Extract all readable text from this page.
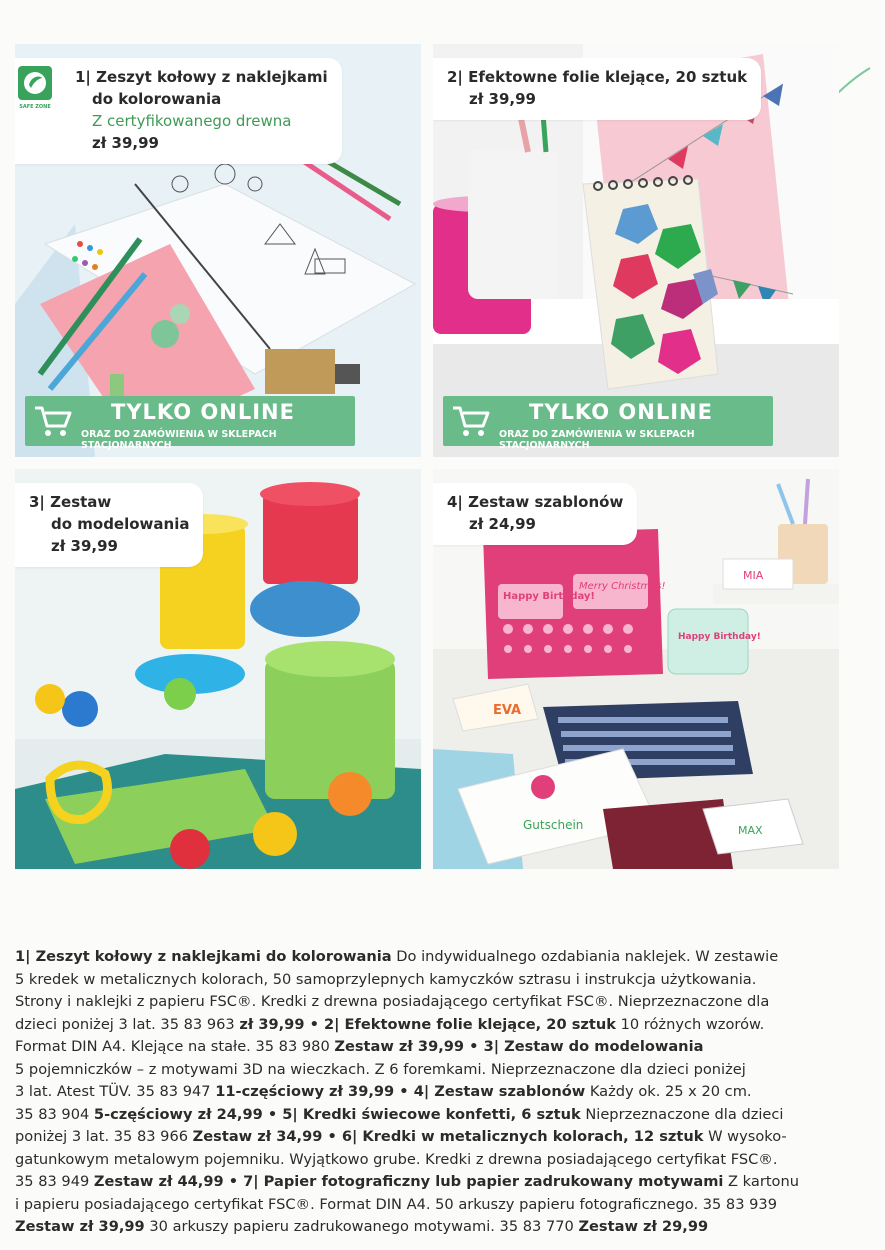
SAFE ZONE
1| Zeszyt kołowy z naklejkami
do kolorowania
Z certyfikowanego drewna
zł 39,99
TYLKO ONLINE
ORAZ DO ZAMÓWIENIA W SKLEPACH STACJONARNYCH
2| Efektowne folie klejące, 20 sztuk
zł 39,99
TYLKO ONLINE
ORAZ DO ZAMÓWIENIA W SKLEPACH STACJONARNYCH
3| Zestaw
do modelowania
zł 39,99
Happy Birthday!
Merry Christmas!
MIA
Happy Birthday!
EVA
Gutschein	MAX
4| Zestaw szablonów
zł 24,99

1| Zeszyt kołowy z naklejkami do kolorowania Do indywidualnego ozdabiania naklejek. W zestawie

5 kredek w metalicznych kolorach, 50 samoprzylepnych kamyczków sztrasu i instrukcja użytkowania.

Strony i naklejki z papieru FSC®. Kredki z drewna posiadającego certyfikat FSC®. Nieprzeznaczone dla

dzieci poniżej 3 lat. 35 83 963 zł 39,99 • 2| Efektowne folie klejące, 20 sztuk 10 różnych wzorów.

Format DIN A4. Klejące na stałe. 35 83 980 Zestaw zł 39,99 • 3| Zestaw do modelowania

5 pojemniczków – z motywami 3D na wieczkach. Z 6 foremkami. Nieprzeznaczone dla dzieci poniżej

3 lat. Atest TÜV. 35 83 947 11-częściowy zł 39,99 • 4| Zestaw szablonów Każdy ok. 25 x 20 cm.

35 83 904 5-częściowy zł 24,99 • 5| Kredki świecowe konfetti, 6 sztuk Nieprzeznaczone dla dzieci

poniżej 3 lat. 35 83 966 Zestaw zł 34,99 • 6| Kredki w metalicznych kolorach, 12 sztuk W wysoko-

gatunkowym metalowym pojemniku. Wyjątkowo grube. Kredki z drewna posiadającego certyfikat FSC®.

35 83 949 Zestaw zł 44,99 • 7| Papier fotograficzny lub papier zadrukowany motywami Z kartonu

i papieru posiadającego certyfikat FSC®. Format DIN A4. 50 arkuszy papieru fotograficznego. 35 83 939

Zestaw zł 39,99 30 arkuszy papieru zadrukowanego motywami. 35 83 770 Zestaw zł 29,99
